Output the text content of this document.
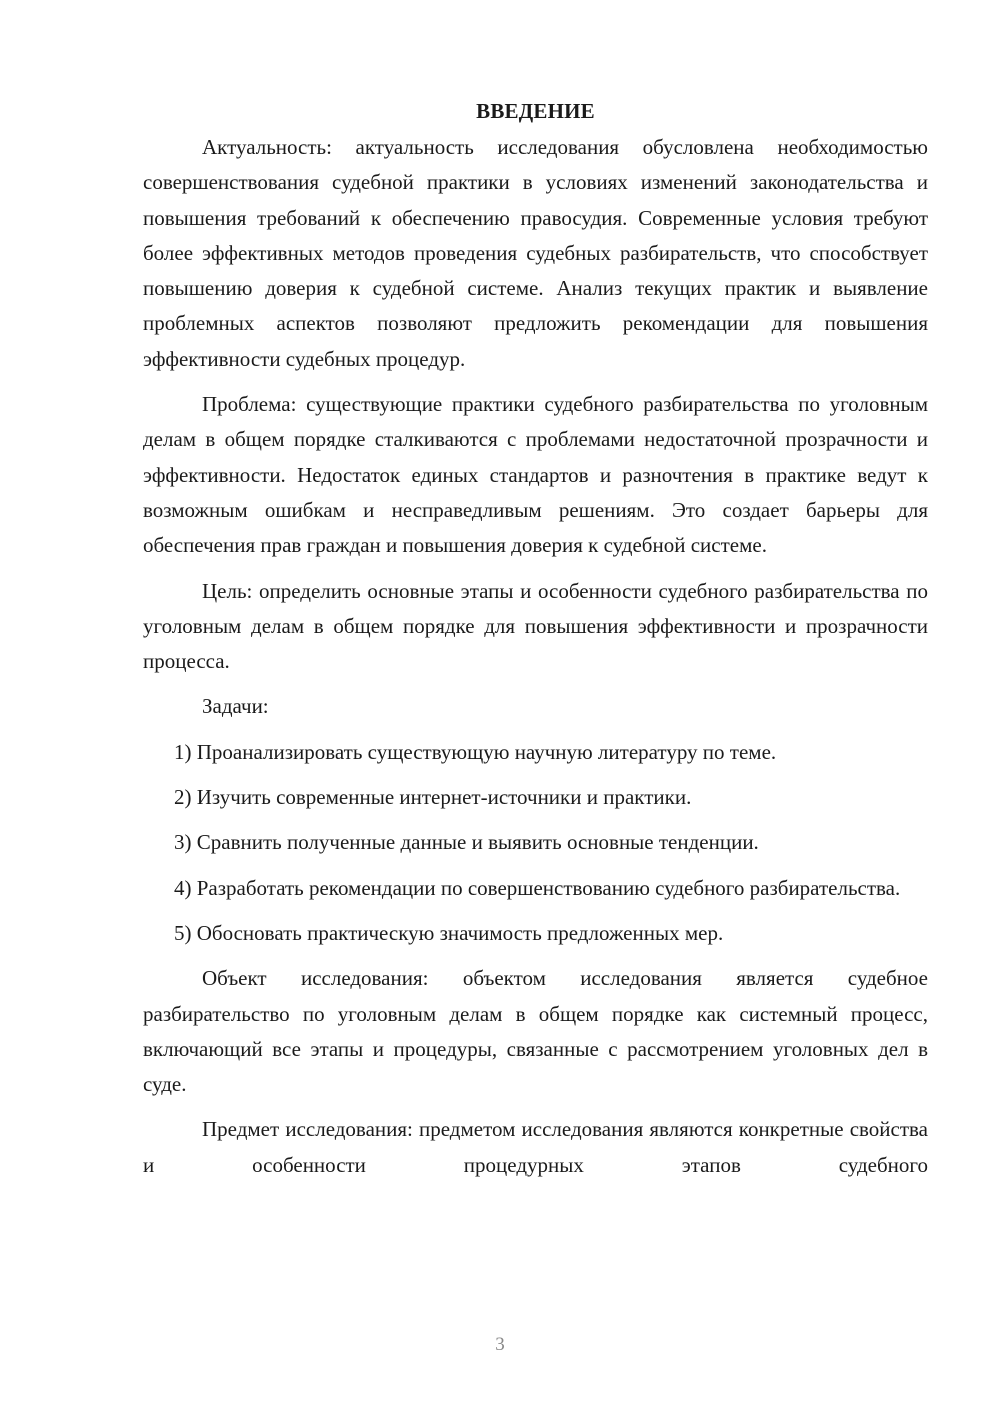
ВВЕДЕНИЕ

Актуальность: актуальность исследования обусловлена необходимостью совершенствования судебной практики в условиях изменений законодательства и повышения требований к обеспечению правосудия. Современные условия требуют более эффективных методов проведения судебных разбирательств, что способствует повышению доверия к судебной системе. Анализ текущих практик и выявление проблемных аспектов позволяют предложить рекомендации для повышения эффективности судебных процедур.

Проблема: существующие практики судебного разбирательства по уголовным делам в общем порядке сталкиваются с проблемами недостаточной прозрачности и эффективности. Недостаток единых стандартов и разночтения в практике ведут к возможным ошибкам и несправедливым решениям. Это создает барьеры для обеспечения прав граждан и повышения доверия к судебной системе.

Цель: определить основные этапы и особенности судебного разбирательства по уголовным делам в общем порядке для повышения эффективности и прозрачности процесса.

Задачи:

1) Проанализировать существующую научную литературу по теме.

2) Изучить современные интернет-источники и практики.

3) Сравнить полученные данные и выявить основные тенденции.

4) Разработать рекомендации по совершенствованию судебного разбирательства.

5) Обосновать практическую значимость предложенных мер.

Объект исследования: объектом исследования является судебное разбирательство по уголовным делам в общем порядке как системный процесс, включающий все этапы и процедуры, связанные с рассмотрением уголовных дел в суде.

Предмет исследования: предметом исследования являются конкретные свойства и особенности процедурных этапов судебного

3
